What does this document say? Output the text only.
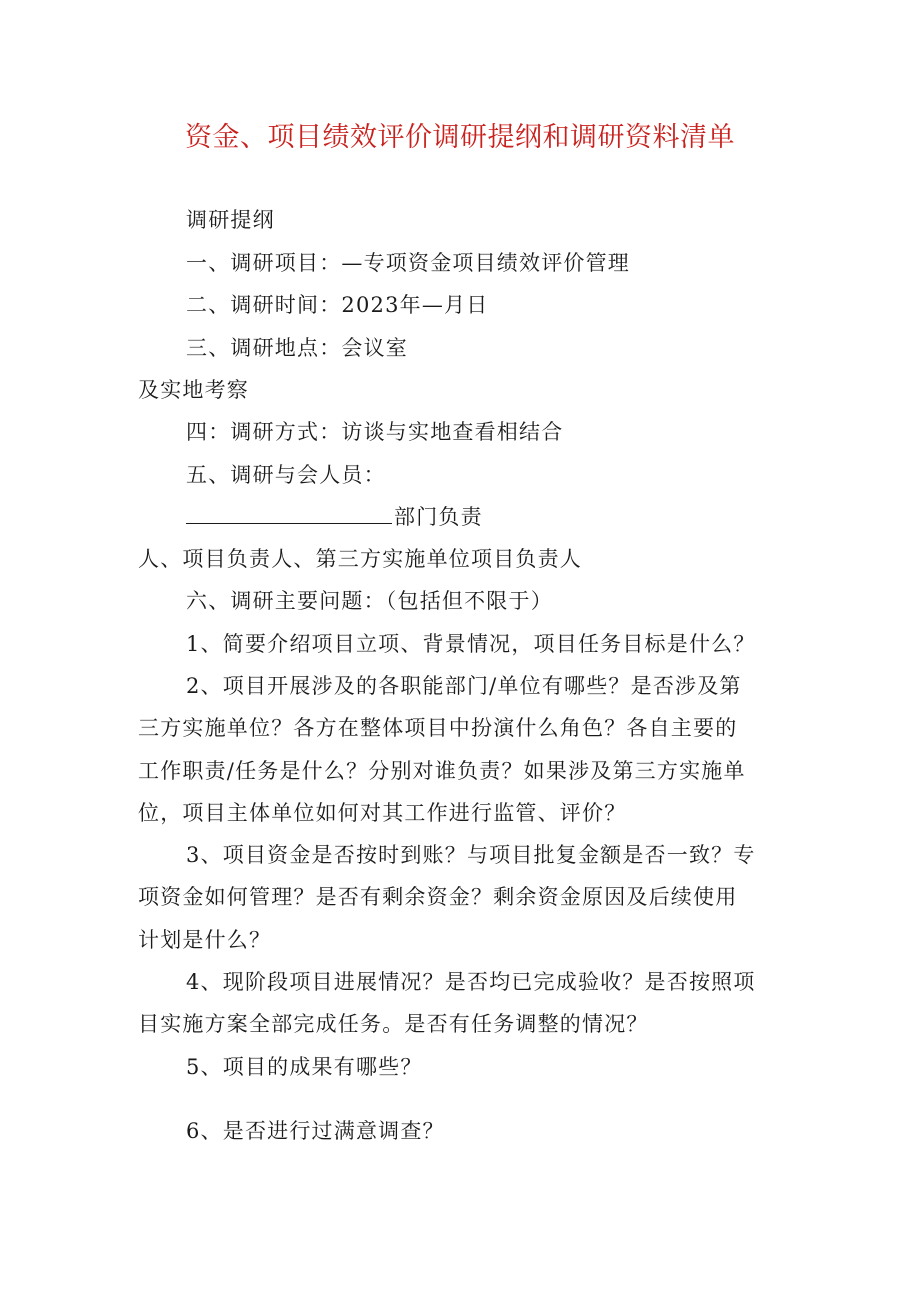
资金、项目绩效评价调研提纲和调研资料清单
调研提纲
一、调研项目：—专项资金项目绩效评价管理
二、调研时间：2023年—月日
三、调研地点：会议室
及实地考察
四：调研方式：访谈与实地查看相结合
五、调研与会人员：
部门负责
人、项目负责人、第三方实施单位项目负责人
六、调研主要问题：（包括但不限于）
1、简要介绍项目立项、背景情况，项目任务目标是什么？
2、项目开展涉及的各职能部门/单位有哪些？是否涉及第
三方实施单位？各方在整体项目中扮演什么角色？各自主要的
工作职责/任务是什么？分别对谁负责？如果涉及第三方实施单
位，项目主体单位如何对其工作进行监管、评价？
3、项目资金是否按时到账？与项目批复金额是否一致？专
项资金如何管理？是否有剩余资金？剩余资金原因及后续使用
计划是什么？
4、现阶段项目进展情况？是否均已完成验收？是否按照项
目实施方案全部完成任务。是否有任务调整的情况？
5、项目的成果有哪些？
6、是否进行过满意调查？
